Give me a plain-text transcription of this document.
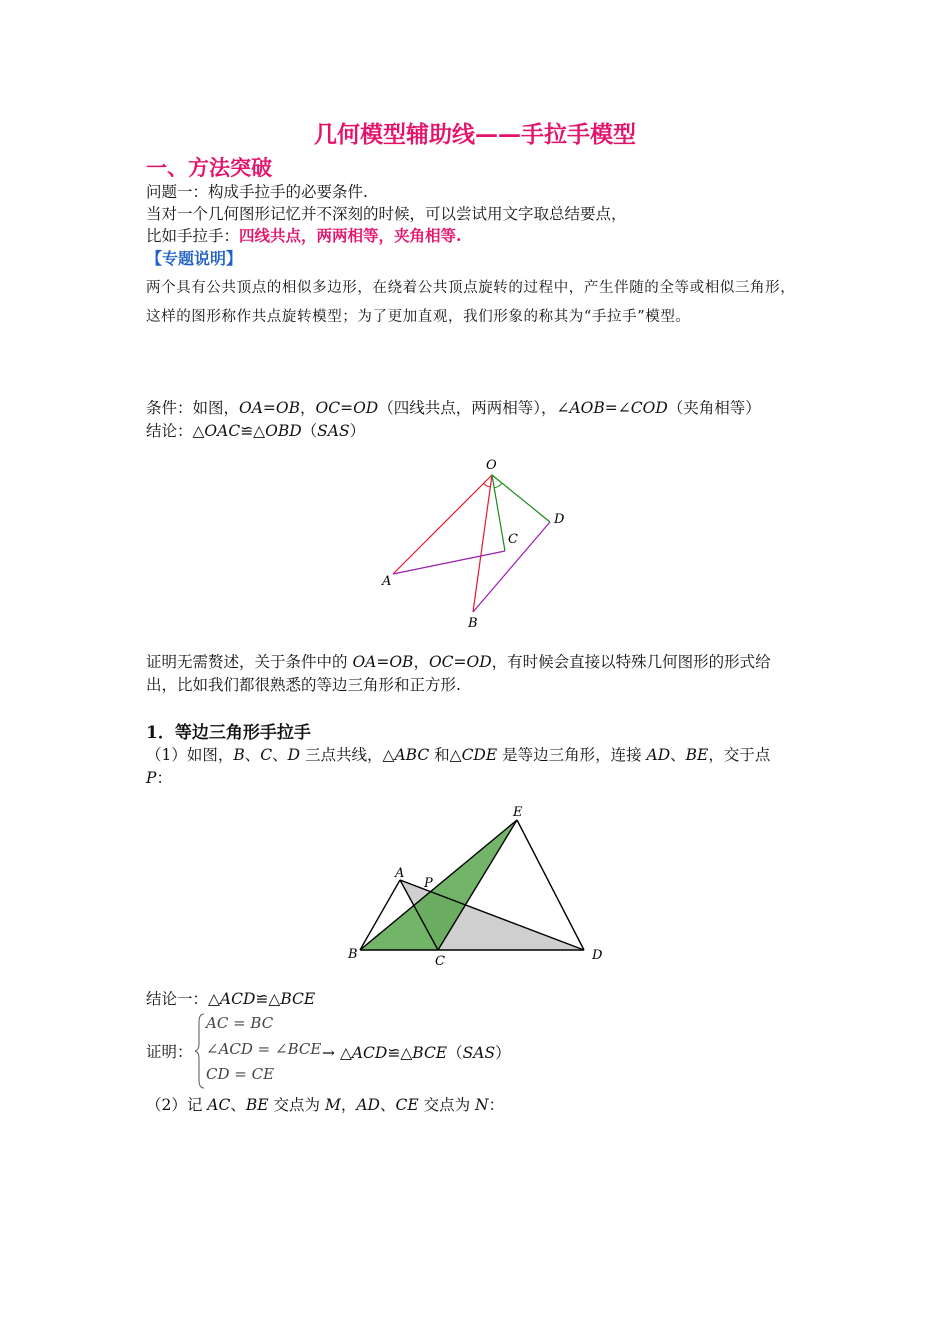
几何模型辅助线——手拉手模型
一、方法突破
问题一：构成手拉手的必要条件.
当对一个几何图形记忆并不深刻的时候，可以尝试用文字取总结要点，
比如手拉手：四线共点，两两相等，夹角相等.
【专题说明】
两个具有公共顶点的相似多边形，在绕着公共顶点旋转的过程中，产生伴随的全等或相似三角形，这样的图形称作共点旋转模型；为了更加直观，我们形象的称其为“手拉手”模型。
条件：如图，OA=OB，OC=OD（四线共点，两两相等），∠AOB=∠COD（夹角相等）
结论：△OAC≌△OBD（SAS）
O
A
B
C
D
证明无需赘述，关于条件中的 OA=OB，OC=OD，有时候会直接以特殊几何图形的形式给
出，比如我们都很熟悉的等边三角形和正方形.
1．等边三角形手拉手
（1）如图，B、C、D 三点共线，△ABC 和△CDE 是等边三角形，连接 AD、BE，交于点
P：
E
A
P
B	C	D
结论一：△ACD≌△BCE
证明：
AC = BC
∠ACD = ∠BCE
CD = CE
→ △ACD≌△BCE（SAS）
（2）记 AC、BE 交点为 M，AD、CE 交点为 N：
